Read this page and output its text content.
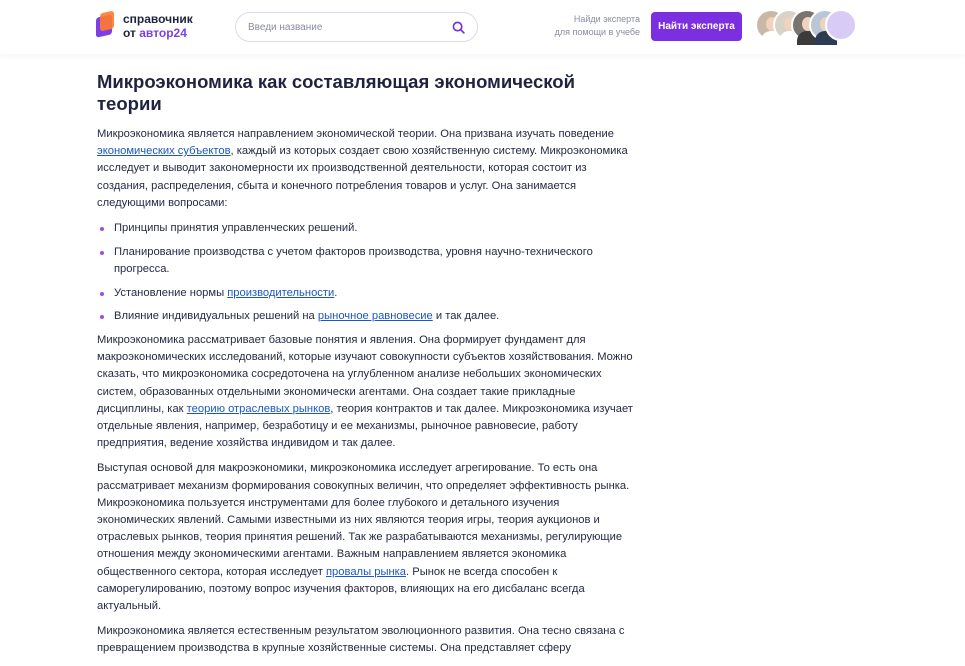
справочник
от автор24
Введи название
Найди эксперта
для помощи в учебе	Найти эксперта
Микроэкономика как составляющая экономической теории

Микроэкономика является направлением экономической теории. Она призвана изучать поведение экономических субъектов, каждый из которых создает свою хозяйственную систему. Микроэкономика исследует и выводит закономерности их производственной деятельности, которая состоит из создания, распределения, сбыта и конечного потребления товаров и услуг. Она занимается следующими вопросами:

Принципы принятия управленческих решений.
Планирование производства с учетом факторов производства, уровня научно-технического прогресса.
Установление нормы производительности.
Влияние индивидуальных решений на рыночное равновесие и так далее.

Микроэкономика рассматривает базовые понятия и явления. Она формирует фундамент для макроэкономических исследований, которые изучают совокупности субъектов хозяйствования. Можно сказать, что микроэкономика сосредоточена на углубленном анализе небольших экономических систем, образованных отдельными экономически агентами. Она создает такие прикладные дисциплины, как теорию отраслевых рынков, теория контрактов и так далее. Микроэкономика изучает отдельные явления, например, безработицу и ее механизмы, рыночное равновесие, работу предприятия, ведение хозяйства индивидом и так далее.

Выступая основой для макроэкономики, микроэкономика исследует агрегирование. То есть она рассматривает механизм формирования совокупных величин, что определяет эффективность рынка. Микроэкономика пользуется инструментами для более глубокого и детального изучения экономических явлений. Самыми известными из них являются теория игры, теория аукционов и отраслевых рынков, теория принятия решений. Так же разрабатываются механизмы, регулирующие отношения между экономическими агентами. Важным направлением является экономика общественного сектора, которая исследует провалы рынка. Рынок не всегда способен к саморегулированию, поэтому вопрос изучения факторов, влияющих на его дисбаланс всегда актуальный.

Микроэкономика является естественным результатом эволюционного развития. Она тесно связана с превращением производства в крупные хозяйственные системы. Она представляет сферу
